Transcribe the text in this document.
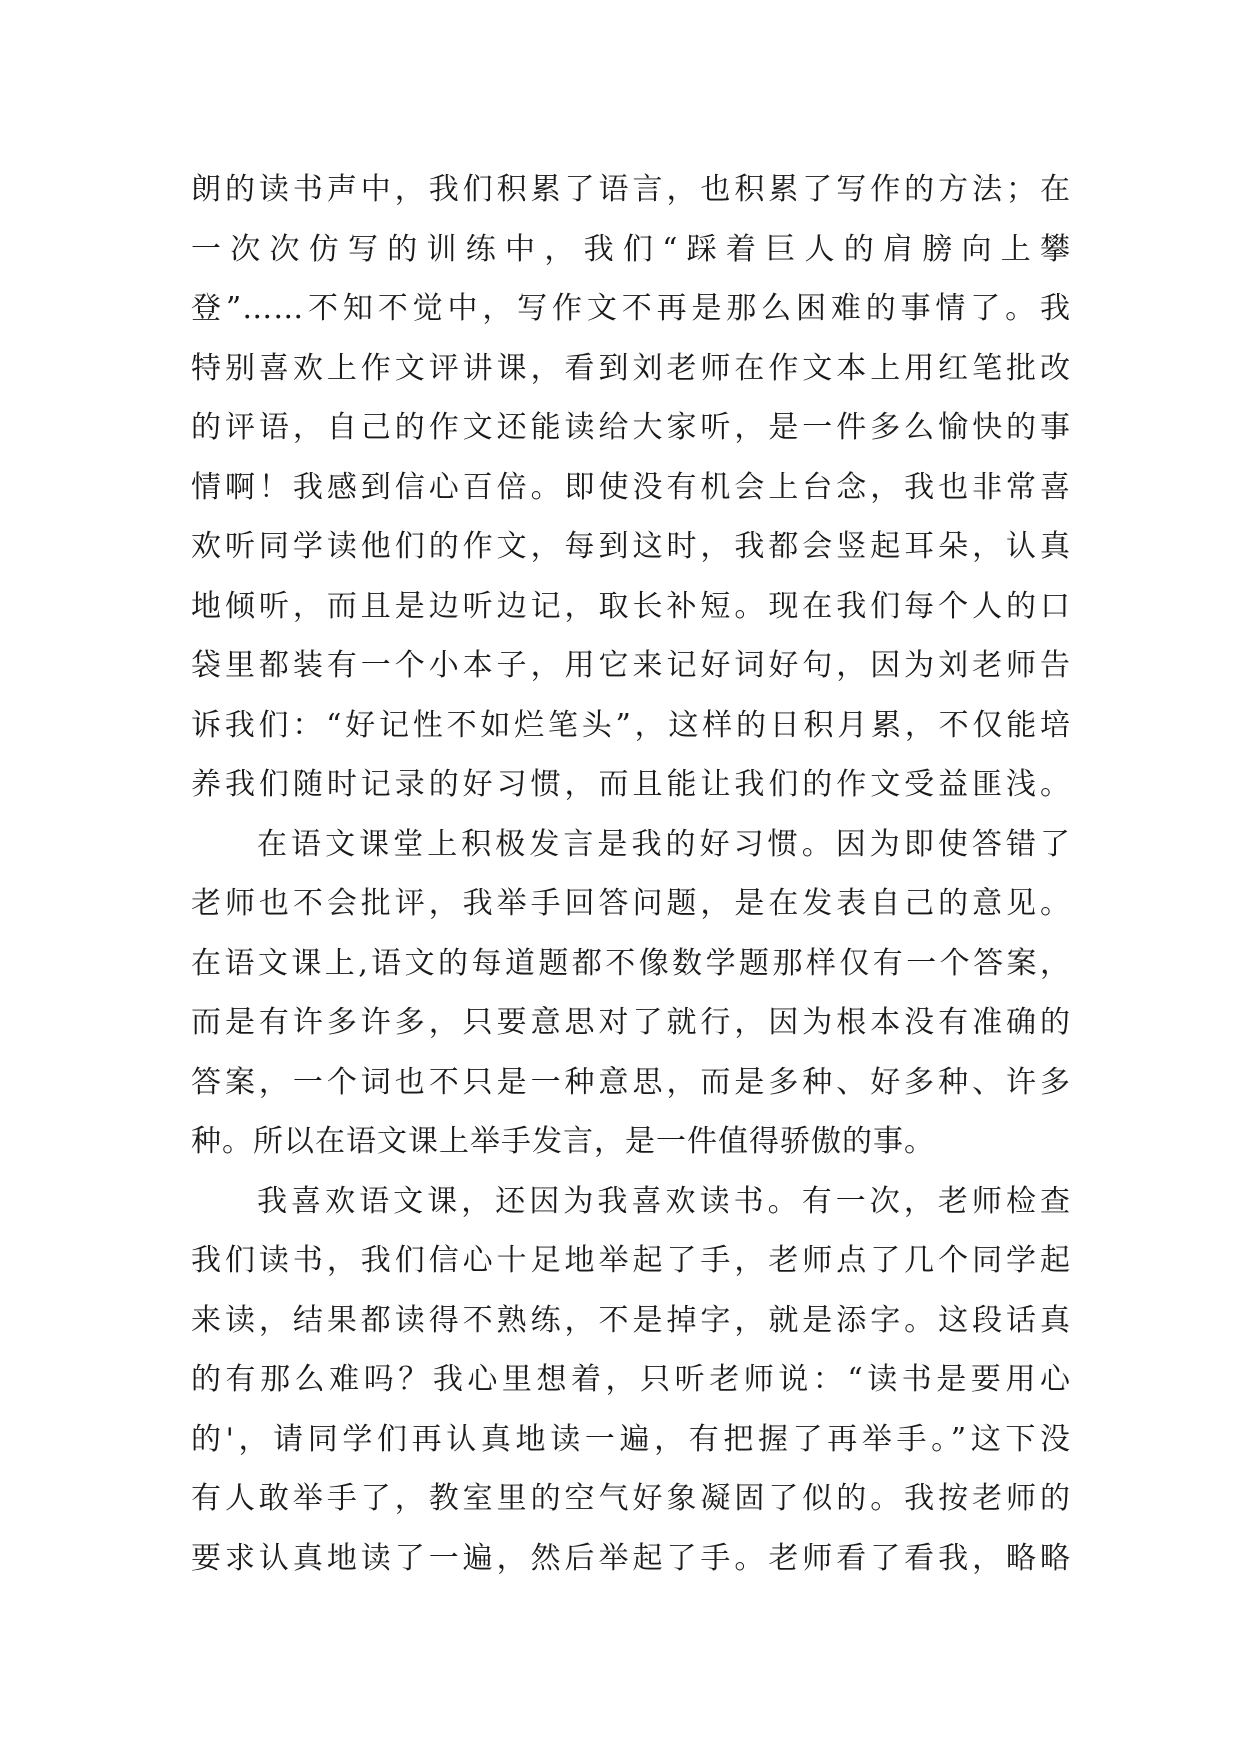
朗的读书声中，我们积累了语言，也积累了写作的方法；在
一次次仿写的训练中，我们“踩着巨人的肩膀向上攀
登”……不知不觉中，写作文不再是那么困难的事情了。我
特别喜欢上作文评讲课，看到刘老师在作文本上用红笔批改
的评语，自己的作文还能读给大家听，是一件多么愉快的事
情啊！我感到信心百倍。即使没有机会上台念，我也非常喜
欢听同学读他们的作文，每到这时，我都会竖起耳朵，认真
地倾听，而且是边听边记，取长补短。现在我们每个人的口
袋里都装有一个小本子，用它来记好词好句，因为刘老师告
诉我们：“好记性不如烂笔头”，这样的日积月累，不仅能培
养我们随时记录的好习惯，而且能让我们的作文受益匪浅。
在语文课堂上积极发言是我的好习惯。因为即使答错了
老师也不会批评，我举手回答问题，是在发表自己的意见。
在语文课上,语文的每道题都不像数学题那样仅有一个答案，
而是有许多许多，只要意思对了就行，因为根本没有准确的
答案，一个词也不只是一种意思，而是多种、好多种、许多
种。所以在语文课上举手发言，是一件值得骄傲的事。
我喜欢语文课，还因为我喜欢读书。有一次，老师检查
我们读书，我们信心十足地举起了手，老师点了几个同学起
来读，结果都读得不熟练，不是掉字，就是添字。这段话真
的有那么难吗？我心里想着，只听老师说：“读书是要用心
的'，请同学们再认真地读一遍，有把握了再举手。”这下没
有人敢举手了，教室里的空气好象凝固了似的。我按老师的
要求认真地读了一遍，然后举起了手。老师看了看我，略略
